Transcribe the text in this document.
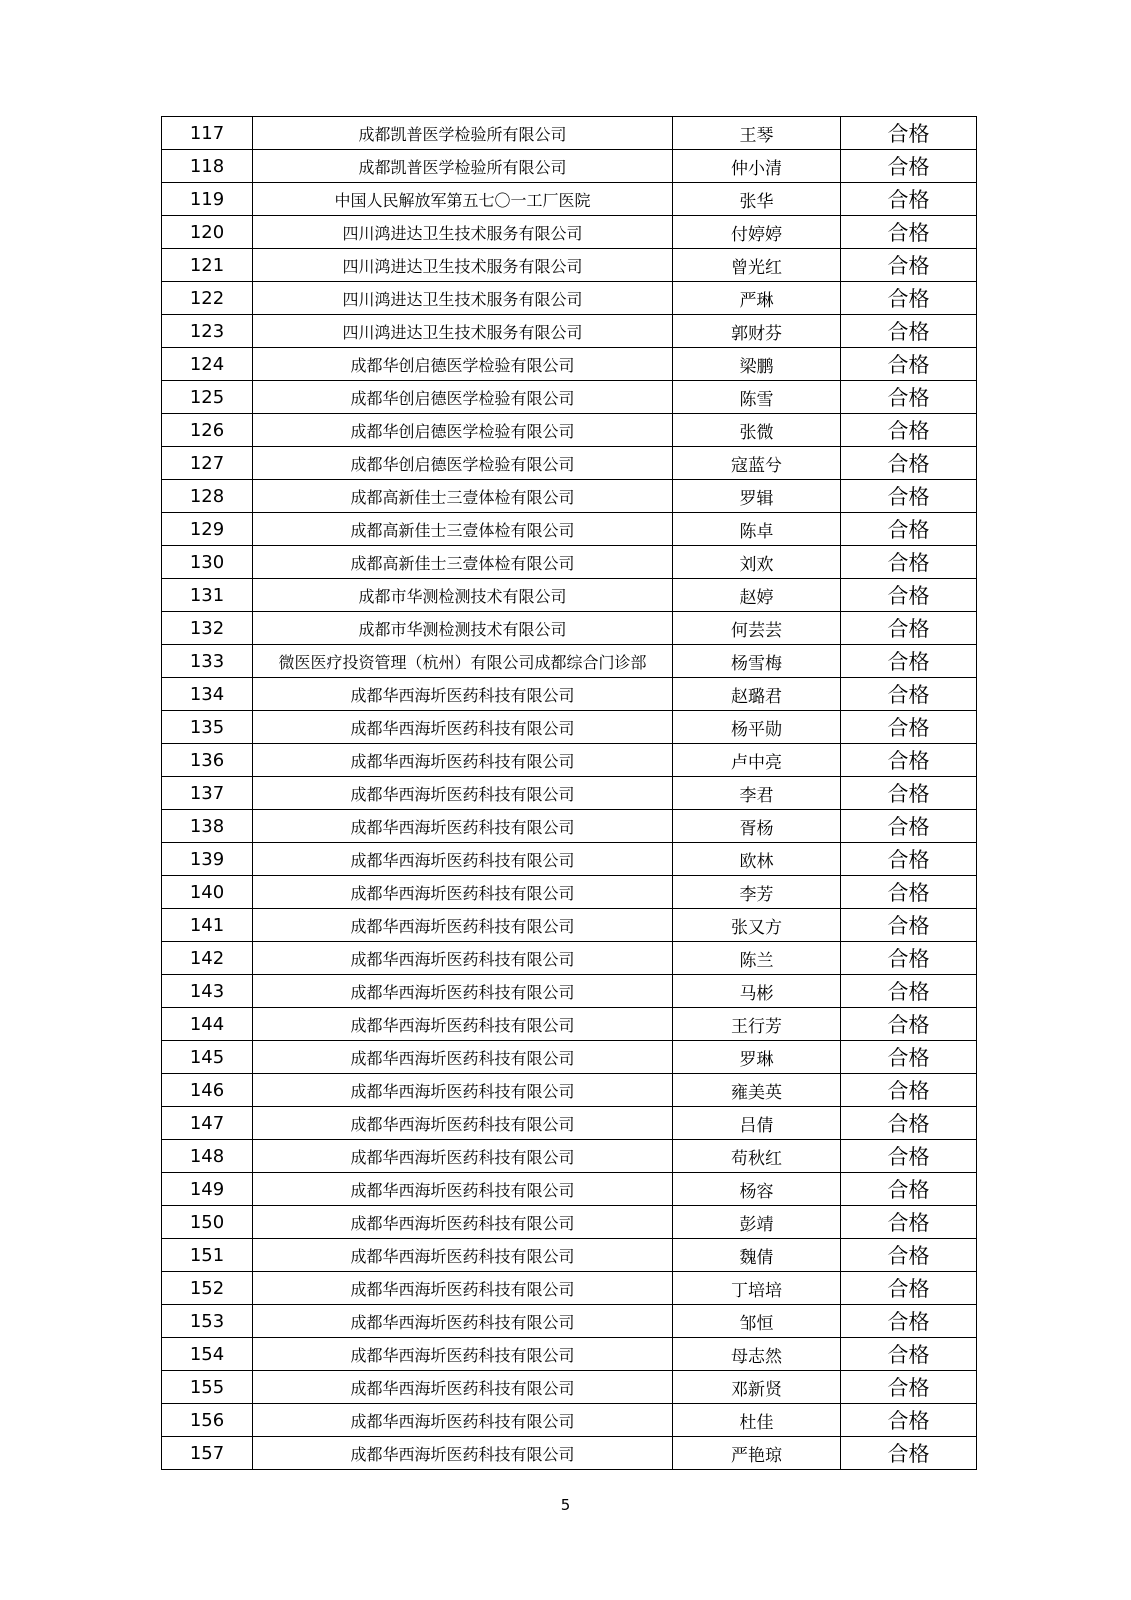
117	成都凯普医学检验所有限公司	王琴	合格
118	成都凯普医学检验所有限公司	仲小清	合格
119	中国人民解放军第五七〇一工厂医院	张华	合格
120	四川鸿进达卫生技术服务有限公司	付婷婷	合格
121	四川鸿进达卫生技术服务有限公司	曾光红	合格
122	四川鸿进达卫生技术服务有限公司	严琳	合格
123	四川鸿进达卫生技术服务有限公司	郭财芬	合格
124	成都华创启德医学检验有限公司	梁鹏	合格
125	成都华创启德医学检验有限公司	陈雪	合格
126	成都华创启德医学检验有限公司	张微	合格
127	成都华创启德医学检验有限公司	寇蓝兮	合格
128	成都高新佳士三壹体检有限公司	罗辑	合格
129	成都高新佳士三壹体检有限公司	陈卓	合格
130	成都高新佳士三壹体检有限公司	刘欢	合格
131	成都市华测检测技术有限公司	赵婷	合格
132	成都市华测检测技术有限公司	何芸芸	合格
133	微医医疗投资管理（杭州）有限公司成都综合门诊部	杨雪梅	合格
134	成都华西海圻医药科技有限公司	赵璐君	合格
135	成都华西海圻医药科技有限公司	杨平勋	合格
136	成都华西海圻医药科技有限公司	卢中亮	合格
137	成都华西海圻医药科技有限公司	李君	合格
138	成都华西海圻医药科技有限公司	胥杨	合格
139	成都华西海圻医药科技有限公司	欧林	合格
140	成都华西海圻医药科技有限公司	李芳	合格
141	成都华西海圻医药科技有限公司	张又方	合格
142	成都华西海圻医药科技有限公司	陈兰	合格
143	成都华西海圻医药科技有限公司	马彬	合格
144	成都华西海圻医药科技有限公司	王行芳	合格
145	成都华西海圻医药科技有限公司	罗琳	合格
146	成都华西海圻医药科技有限公司	雍美英	合格
147	成都华西海圻医药科技有限公司	吕倩	合格
148	成都华西海圻医药科技有限公司	苟秋红	合格
149	成都华西海圻医药科技有限公司	杨容	合格
150	成都华西海圻医药科技有限公司	彭靖	合格
151	成都华西海圻医药科技有限公司	魏倩	合格
152	成都华西海圻医药科技有限公司	丁培培	合格
153	成都华西海圻医药科技有限公司	邹恒	合格
154	成都华西海圻医药科技有限公司	母志然	合格
155	成都华西海圻医药科技有限公司	邓新贤	合格
156	成都华西海圻医药科技有限公司	杜佳	合格
157	成都华西海圻医药科技有限公司	严艳琼	合格
5
